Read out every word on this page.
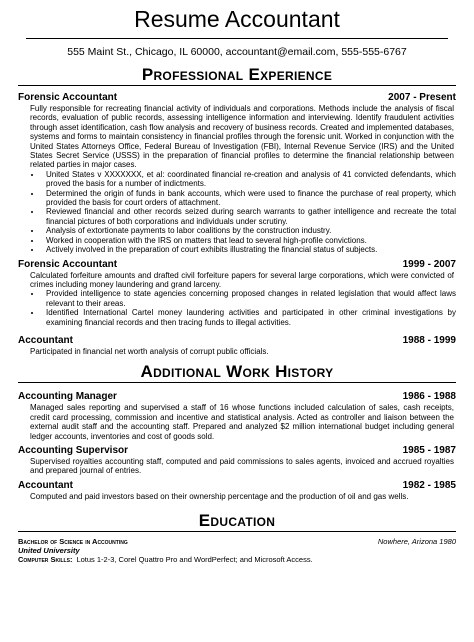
Resume Accountant
555 Maint St., Chicago, IL 60000, accountant@email.com, 555-555-6767
Professional Experience
Forensic Accountant	2007 - Present
Fully responsible for recreating financial activity of individuals and corporations. Methods include the analysis of fiscal records, evaluation of public records, assessing intelligence information and interviewing. Identify fraudulent activities through asset identification, cash flow analysis and recovery of business records. Created and implemented databases, systems and forms to maintain consistency in financial profiles through the forensic unit. Worked in conjunction with the United States Attorneys Office, Federal Bureau of Investigation (FBI), Internal Revenue Service (IRS) and the United States Secret Service (USSS) in the preparation of financial profiles to determine the financial relationship between related parties in major cases.
• United States v XXXXXXX, et al: coordinated financial re-creation and analysis of 41 convicted defendants, which proved the basis for a number of indictments.
• Determined the origin of funds in bank accounts, which were used to finance the purchase of real property, which provided the basis for court orders of attachment.
• Reviewed financial and other records seized during search warrants to gather intelligence and recreate the total financial pictures of both corporations and individuals under scrutiny.
• Analysis of extortionate payments to labor coalitions by the construction industry.
• Worked in cooperation with the IRS on matters that lead to several high-profile convictions.
• Actively involved in the preparation of court exhibits illustrating the financial status of subjects.
Forensic Accountant	1999 - 2007
Calculated forfeiture amounts and drafted civil forfeiture papers for several large corporations, which were convicted of crimes including money laundering and grand larceny.
• Provided intelligence to state agencies concerning proposed changes in related legislation that would affect laws relevant to their areas.
• Identified International Cartel money laundering activities and participated in other criminal investigations by examining financial records and then tracing funds to illegal activities.
Accountant	1988 - 1999
Participated in financial net worth analysis of corrupt public officials.
Additional Work History
Accounting Manager	1986 - 1988
Managed sales reporting and supervised a staff of 16 whose functions included calculation of sales, cash receipts, credit card processing, commission and incentive and statistical analysis. Acted as controller and liaison between the external audit staff and the accounting staff. Prepared and analyzed $2 million international budget including general ledger accounts, inventories and cost of goods sold.
Accounting Supervisor	1985 - 1987
Supervised royalties accounting staff, computed and paid commissions to sales agents, invoiced and accrued royalties and prepared journal of entries.
Accountant	1982 - 1985
Computed and paid investors based on their ownership percentage and the production of oil and gas wells.
Education
Bachelor of Science in Accounting	Nowhere, Arizona 1980
United University
Computer Skills: Lotus 1-2-3, Corel Quattro Pro and WordPerfect; and Microsoft Access.
